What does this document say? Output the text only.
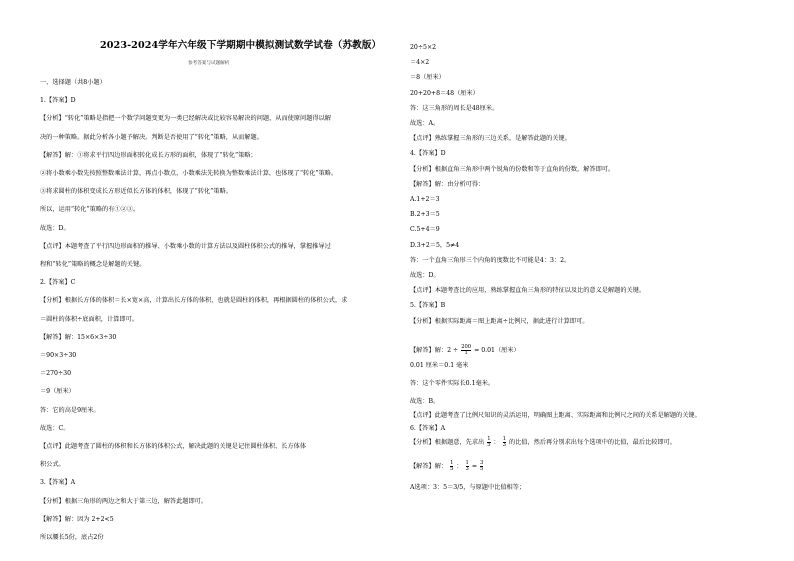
2023-2024学年六年级下学期期中模拟测试数学试卷（苏教版）
参考答案与试题解析
一、选择题（共8小题）
1.【答案】D
【分析】“转化”策略是指把一个数学问题变更为一类已经解决或比较容易解决的问题，从而使原问题得以解
决的一种策略。据此分析各小题予解决。判断是否使用了“转化”策略，从而解题。
【解答】解：①将求平行四边形面积转化成长方形的面积，体现了“转化”策略；
②将小数乘小数先按照整数乘法计算，再点小数点，小数乘法先转换为整数乘法计算，也体现了“转化”策略。
③将求圆柱的体积变成长方形近似长方体的体积，体现了“转化”策略。
所以，运用“转化”策略的有①②③。
故选：D。
【点评】本题考查了平行四边形面积的推导、小数乘小数的计算方法以及圆柱体积公式的推导，掌握推导过
程和“转化”策略的概念是解题的关键。
2.【答案】C
【分析】根据长方体的体积＝长×宽×高，计算出长方体的体积，也就是圆柱的体积，再根据圆柱的体积公式，求
＝圆柱的体积÷底面积，计算即可。
【解答】解：15×6×3÷30
＝90×3÷30
＝270÷30
＝9（厘米）
答：它的高是9厘米。
故选：C。
【点评】此题考查了圆柱的体积和长方体的体积公式，解决此题的关键是记住圆柱体积、长方体体
积公式。
3.【答案】A
【分析】根据三角形的两边之和大于第三边，解答此题即可。
【解答】解：因为 2+2<5
所以腰长5份，底占2份
20÷5×2
＝4×2
＝8（厘米）
20+20+8＝48（厘米）
答：这三角形的周长是48厘米。
故选：A。
【点评】熟练掌握三角形的三边关系，是解答此题的关键。
4.【答案】D
【分析】根据直角三角形中两个锐角的份数和等于直角的份数，解答即可。
【解答】解：由分析可得：
A.1+2＝3
B.2+3＝5
C.5+4＝9
D.3+2＝5，5≠4
答：一个直角三角形三个内角的度数比不可能是4：3：2。
故选：D。
【点评】本题考查比的应用，熟练掌握直角三角形的特征以及比的意义是解题的关键。
5.【答案】B
【分析】根据实际距离＝图上距离÷比例尺，据此进行计算即可。
0.01 厘米＝0.1 毫米
答：这个零件实际长0.1毫米。
故选：B。
【点评】此题考查了比例尺知识的灵活运用，明确图上距离、实际距离和比例尺之间的关系是解题的关键。
6.【答案】A
【解答】解：$2 \div \frac{200}{1} = 0.01$（厘米）
【分析】根据题意，先求出 $\frac{1}{5}$ ： $\frac{1}{3}$ 的比值，然后再分别求出每个选项中的比值，最后比较即可。
【解答】解： $\frac{1}{5}$ ： $\frac{1}{3} = \frac{3}{5}$
A选项：3：5＝3/5，与原题中比值相等；
